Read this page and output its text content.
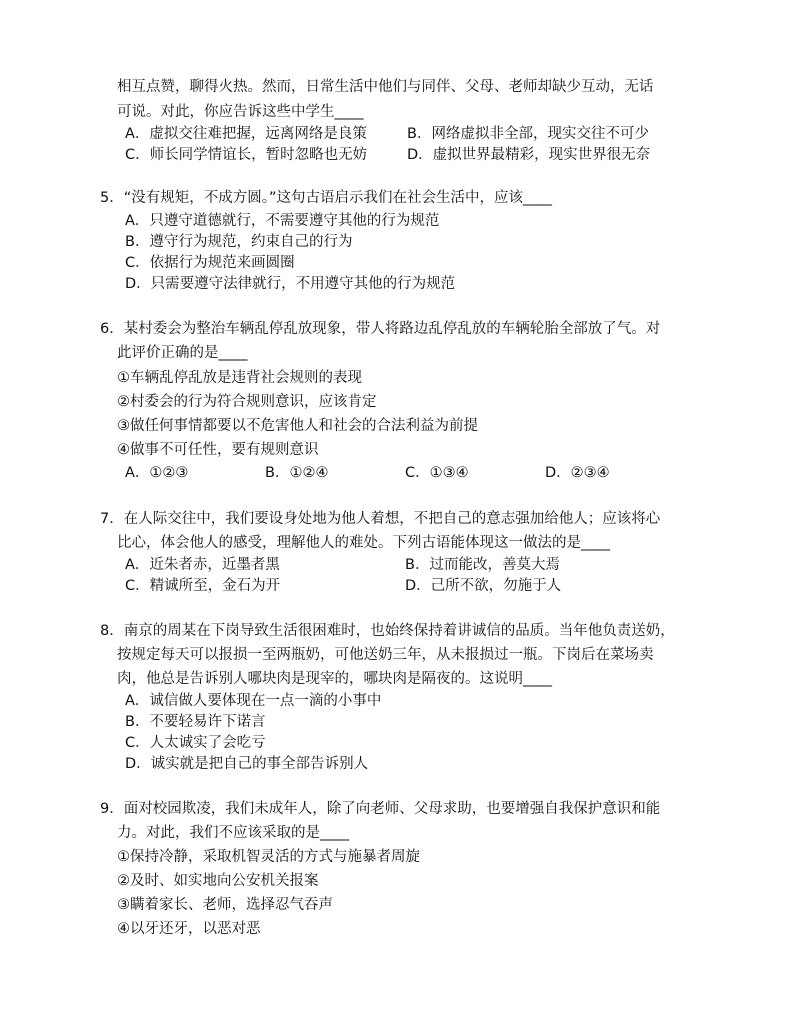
相互点赞，聊得火热。然而，日常生活中他们与同伴、父母、老师却缺少互动，无话
可说。对此，你应告诉这些中学生____
A．虚拟交往难把握，远离网络是良策	B．网络虚拟非全部，现实交往不可少
C．师长同学情谊长，暂时忽略也无妨	D．虚拟世界最精彩，现实世界很无奈
5．“没有规矩，不成方圆。”这句古语启示我们在社会生活中，应该____
A．只遵守道德就行，不需要遵守其他的行为规范
B．遵守行为规范，约束自己的行为
C．依据行为规范来画圆圈
D．只需要遵守法律就行，不用遵守其他的行为规范
6．某村委会为整治车辆乱停乱放现象，带人将路边乱停乱放的车辆轮胎全部放了气。对
此评价正确的是____
①车辆乱停乱放是违背社会规则的表现
②村委会的行为符合规则意识，应该肯定
③做任何事情都要以不危害他人和社会的合法利益为前提
④做事不可任性，要有规则意识
A．①②③	B．①②④	C．①③④	D．②③④
7．在人际交往中，我们要设身处地为他人着想，不把自己的意志强加给他人；应该将心
比心，体会他人的感受，理解他人的难处。下列古语能体现这一做法的是____
A．近朱者赤，近墨者黑	B．过而能改，善莫大焉
C．精诚所至，金石为开	D．己所不欲，勿施于人
8．南京的周某在下岗导致生活很困难时，也始终保持着讲诚信的品质。当年他负责送奶，
按规定每天可以报损一至两瓶奶，可他送奶三年，从未报损过一瓶。下岗后在菜场卖
肉，他总是告诉别人哪块肉是现宰的，哪块肉是隔夜的。这说明____
A．诚信做人要体现在一点一滴的小事中
B．不要轻易许下诺言
C．人太诚实了会吃亏
D．诚实就是把自己的事全部告诉别人
9．面对校园欺凌，我们未成年人，除了向老师、父母求助，也要增强自我保护意识和能
力。对此，我们不应该采取的是____
①保持冷静，采取机智灵活的方式与施暴者周旋
②及时、如实地向公安机关报案
③瞒着家长、老师，选择忍气吞声
④以牙还牙，以恶对恶
